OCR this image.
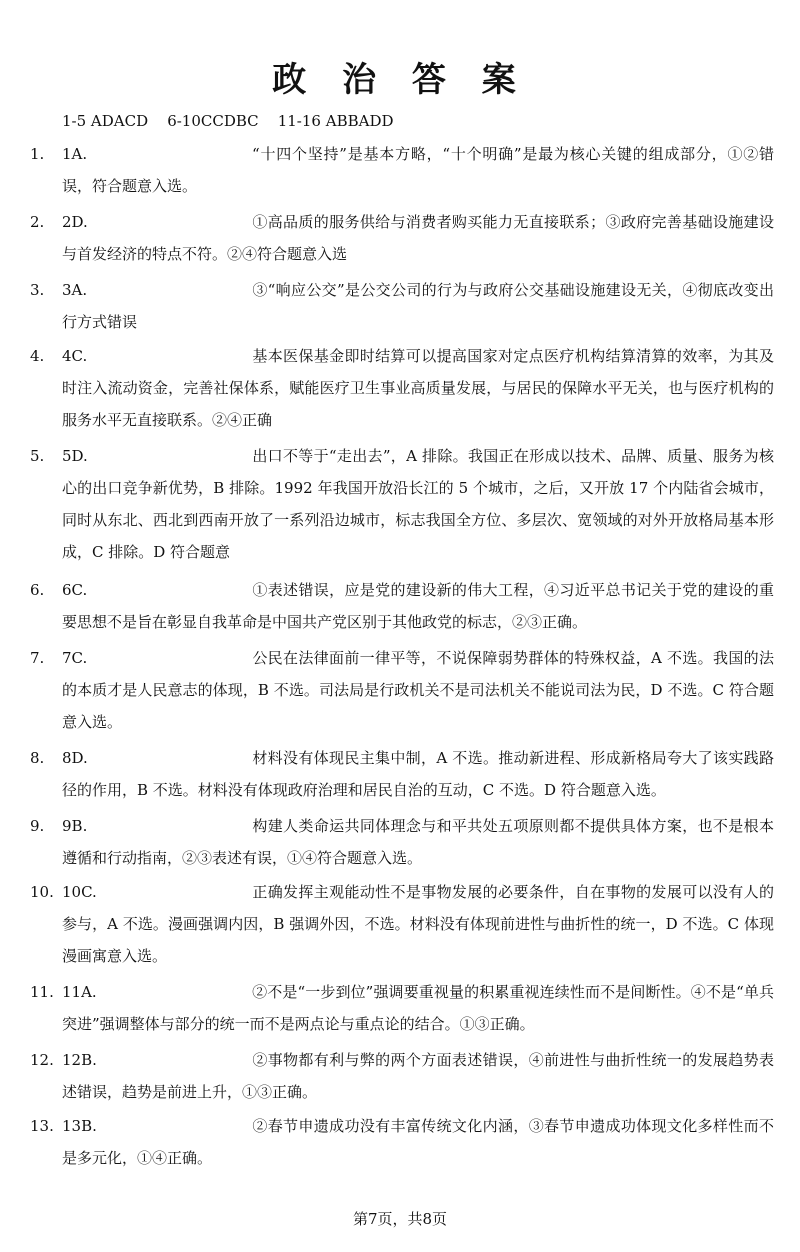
政 治 答 案
1-5 ADACD    6-10CCDBC    11-16 ABBADD
1.	1A.	“十四个坚持”是基本方略，“十个明确”是最为核心关键的组成部分，①②错误，符合题意入选。
2.	2D.	①高品质的服务供给与消费者购买能力无直接联系；③政府完善基础设施建设与首发经济的特点不符。②④符合题意入选
3.	3A.	③“响应公交”是公交公司的行为与政府公交基础设施建设无关，④彻底改变出行方式错误
4.	4C.	基本医保基金即时结算可以提高国家对定点医疗机构结算清算的效率，为其及时注入流动资金，完善社保体系，赋能医疗卫生事业高质量发展，与居民的保障水平无关，也与医疗机构的服务水平无直接联系。②④正确
5.	5D.	出口不等于“走出去”，A 排除。我国正在形成以技术、品牌、质量、服务为核心的出口竞争新优势，B 排除。1992 年我国开放沿长江的 5 个城市，之后，又开放 17 个内陆省会城市，同时从东北、西北到西南开放了一系列沿边城市，标志我国全方位、多层次、宽领域的对外开放格局基本形成，C 排除。D 符合题意
6.	6C.	①表述错误，应是党的建设新的伟大工程，④习近平总书记关于党的建设的重要思想不是旨在彰显自我革命是中国共产党区别于其他政党的标志，②③正确。
7.	7C.	公民在法律面前一律平等，不说保障弱势群体的特殊权益，A 不选。我国的法的本质才是人民意志的体现，B 不选。司法局是行政机关不是司法机关不能说司法为民，D 不选。C 符合题意入选。
8.	8D.	材料没有体现民主集中制，A 不选。推动新进程、形成新格局夸大了该实践路径的作用，B 不选。材料没有体现政府治理和居民自治的互动，C 不选。D 符合题意入选。
9.	9B.	构建人类命运共同体理念与和平共处五项原则都不提供具体方案，也不是根本遵循和行动指南，②③表述有误，①④符合题意入选。
10. 10C.	正确发挥主观能动性不是事物发展的必要条件，自在事物的发展可以没有人的参与，A 不选。漫画强调内因，B 强调外因，不选。材料没有体现前进性与曲折性的统一，D 不选。C 体现漫画寓意入选。
11. 11A.	②不是“一步到位”强调要重视量的积累重视连续性而不是间断性。④不是“单兵突进”强调整体与部分的统一而不是两点论与重点论的结合。①③正确。
12. 12B.	②事物都有利与弊的两个方面表述错误，④前进性与曲折性统一的发展趋势表述错误，趋势是前进上升，①③正确。
13. 13B.	②春节申遗成功没有丰富传统文化内涵，③春节申遗成功体现文化多样性而不是多元化，①④正确。
第7页，共8页
